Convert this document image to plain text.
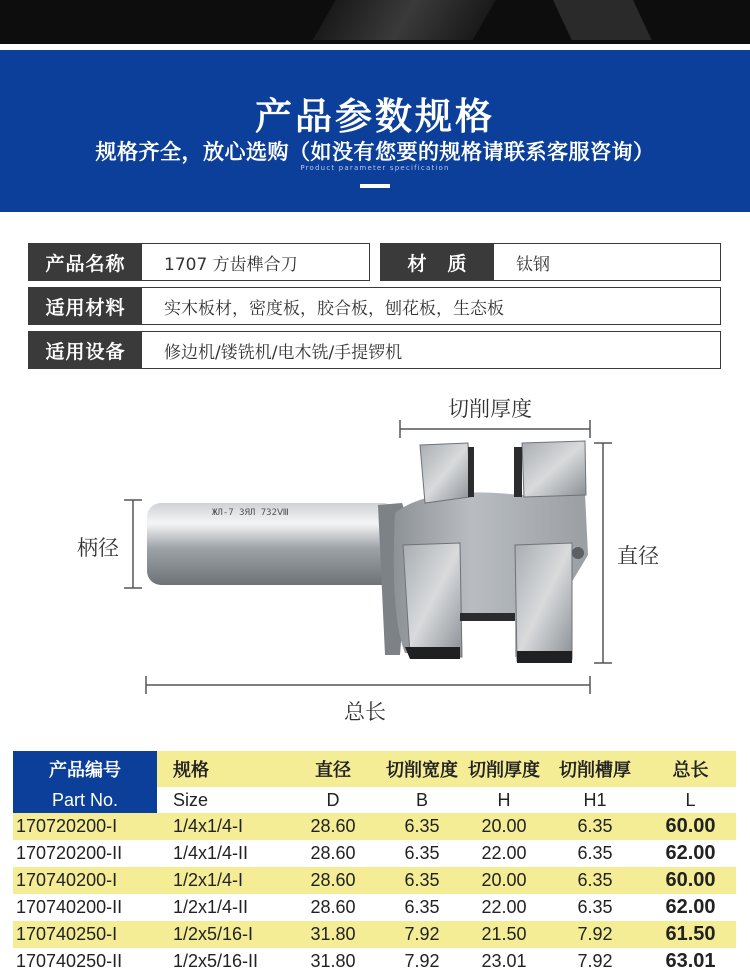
产品参数规格
规格齐全，放心选购（如没有您要的规格请联系客服咨询）
Product parameter specification
产品名称	1707 方齿榫合刀	材　质	钛钢
适用材料	实木板材，密度板，胶合板，刨花板，生态板
适用设备	修边机/镂铣机/电木铣/手提锣机
ЖЛ-7 ЗЯЛ 7З2Ⅷ
切削厚度
柄径	直径
总长
产品编号	规格	直径	切削宽度	切削厚度	切削槽厚	总长
Part No.	Size	D	B	H	H1	L
170720200-I	1/4x1/4-I	28.60	6.35	20.00	6.35	60.00
170720200-II	1/4x1/4-II	28.60	6.35	22.00	6.35	62.00
170740200-I	1/2x1/4-I	28.60	6.35	20.00	6.35	60.00
170740200-II	1/2x1/4-II	28.60	6.35	22.00	6.35	62.00
170740250-I	1/2x5/16-I	31.80	7.92	21.50	7.92	61.50
170740250-II	1/2x5/16-II	31.80	7.92	23.01	7.92	63.01
